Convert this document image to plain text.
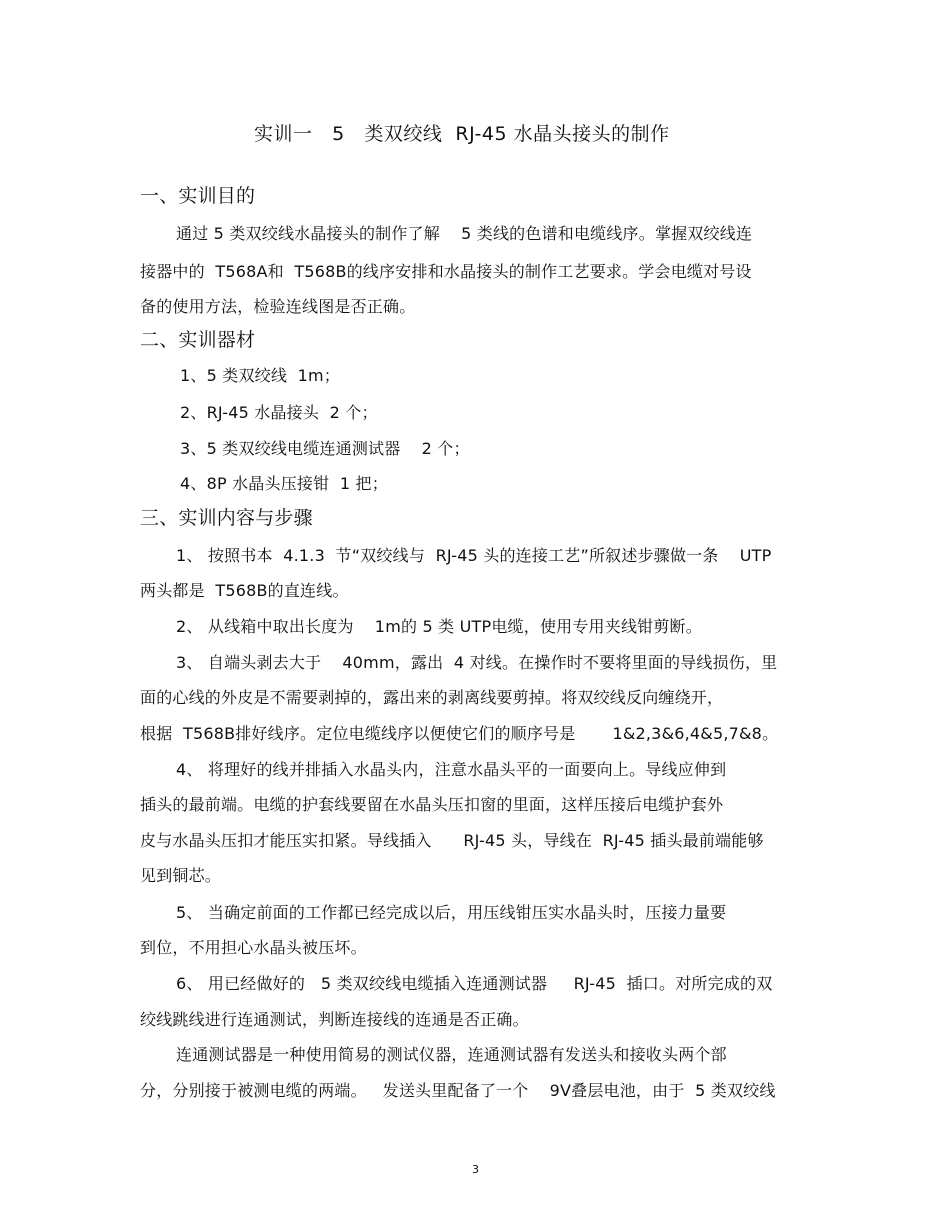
实训一   5   类双绞线  RJ-45 水晶头接头的制作
一、实训目的
通过 5 类双绞线水晶接头的制作了解    5 类线的色谱和电缆线序。掌握双绞线连
接器中的  T568A和  T568B的线序安排和水晶接头的制作工艺要求。学会电缆对号设
备的使用方法，检验连线图是否正确。
二、实训器材
1、5 类双绞线  1m；
2、RJ-45 水晶接头  2 个；
3、5 类双绞线电缆连通测试器    2 个；
4、8P 水晶头压接钳  1 把；
三、实训内容与步骤
1、 按照书本  4.1.3  节“双绞线与  RJ-45 头的连接工艺”所叙述步骤做一条    UTP
两头都是  T568B的直连线。
2、 从线箱中取出长度为    1m的 5 类 UTP电缆，使用专用夹线钳剪断。
3、 自端头剥去大于    40mm，露出  4 对线。在操作时不要将里面的导线损伤，里
面的心线的外皮是不需要剥掉的，露出来的剥离线要剪掉。将双绞线反向缠绕开，
根据  T568B排好线序。定位电缆线序以便使它们的顺序号是       1&2,3&6,4&5,7&8。
4、 将理好的线并排插入水晶头内，注意水晶头平的一面要向上。导线应伸到
插头的最前端。电缆的护套线要留在水晶头压扣窗的里面，这样压接后电缆护套外
皮与水晶头压扣才能压实扣紧。导线插入      RJ-45 头，导线在  RJ-45 插头最前端能够
见到铜芯。
5、 当确定前面的工作都已经完成以后，用压线钳压实水晶头时，压接力量要
到位，不用担心水晶头被压坏。
6、 用已经做好的   5 类双绞线电缆插入连通测试器     RJ-45  插口。对所完成的双
绞线跳线进行连通测试，判断连接线的连通是否正确。
连通测试器是一种使用简易的测试仪器，连通测试器有发送头和接收头两个部
分，分别接于被测电缆的两端。   发送头里配备了一个    9V叠层电池，由于  5 类双绞线
3
